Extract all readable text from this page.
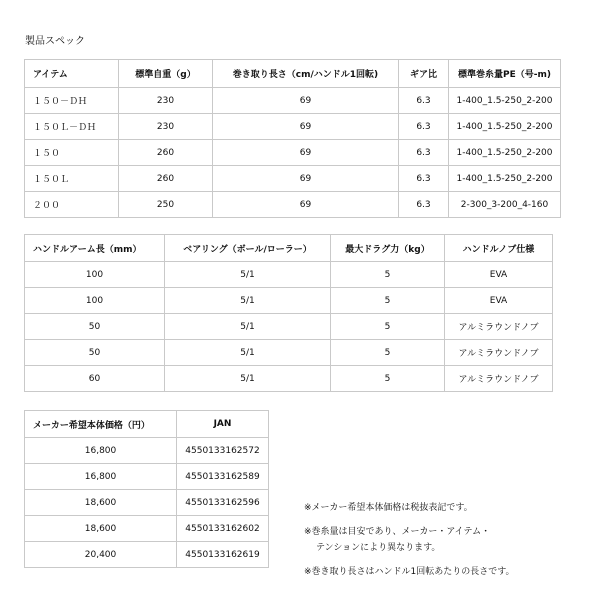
製品スペック
アイテム	標準自重（g）	巻き取り長さ（cm/ハンドル1回転)	ギア比	標準巻糸量PE（号-m)
１５０－ＤＨ	230	69	6.3	1-400_1.5-250_2-200
１５０Ｌ－ＤＨ	230	69	6.3	1-400_1.5-250_2-200
１５０	260	69	6.3	1-400_1.5-250_2-200
１５０Ｌ	260	69	6.3	1-400_1.5-250_2-200
２００	250	69	6.3	2-300_3-200_4-160
ハンドルアーム長（mm）	ベアリング（ボール/ローラー）	最大ドラグ力（kg）	ハンドルノブ仕様
100	5/1	5	EVA
100	5/1	5	EVA
50	5/1	5	アルミラウンドノブ
50	5/1	5	アルミラウンドノブ
60	5/1	5	アルミラウンドノブ
メーカー希望本体価格（円）	JAN
16,800	4550133162572
16,800	4550133162589
18,600	4550133162596
18,600	4550133162602
20,400	4550133162619
※メーカー希望本体価格は税抜表記です。
※巻糸量は目安であり、メーカー・アイテム・
テンションにより異なります。
※巻き取り長さはハンドル1回転あたりの長さです。
